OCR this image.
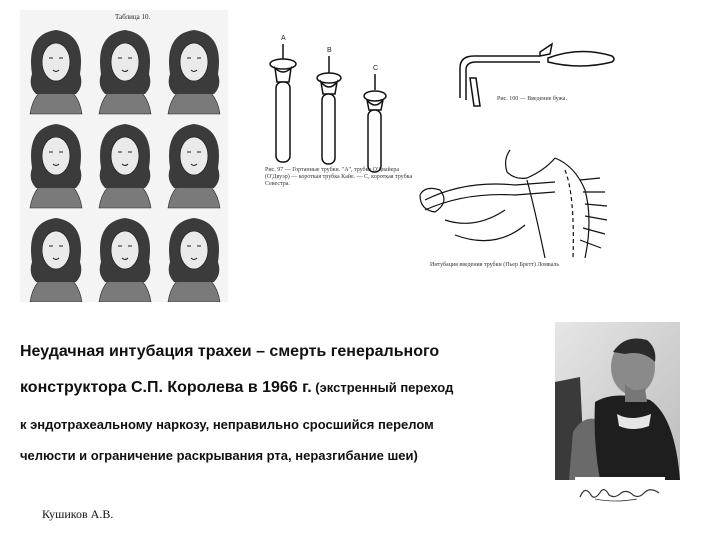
Таблица 10.
A
B
C
Рис. 97 — Гортанные трубки. "А", трубка О'Двайера (О'Двуэр) — короткая трубка Кайе. — С, короткая трубка Севестра.
Рис. 100 — Введение бужа.
Интубация введения трубки (Пьер Бретт) Ломваль
Неудачная интубация трахеи – смерть генерального
конструктора С.П. Королева в 1966 г. (экстренный переход
к эндотрахеальному наркозу, неправильно сросшийся перелом
челюсти и ограничение раскрывания рта, неразгибание шеи)
Кушиков А.В.
